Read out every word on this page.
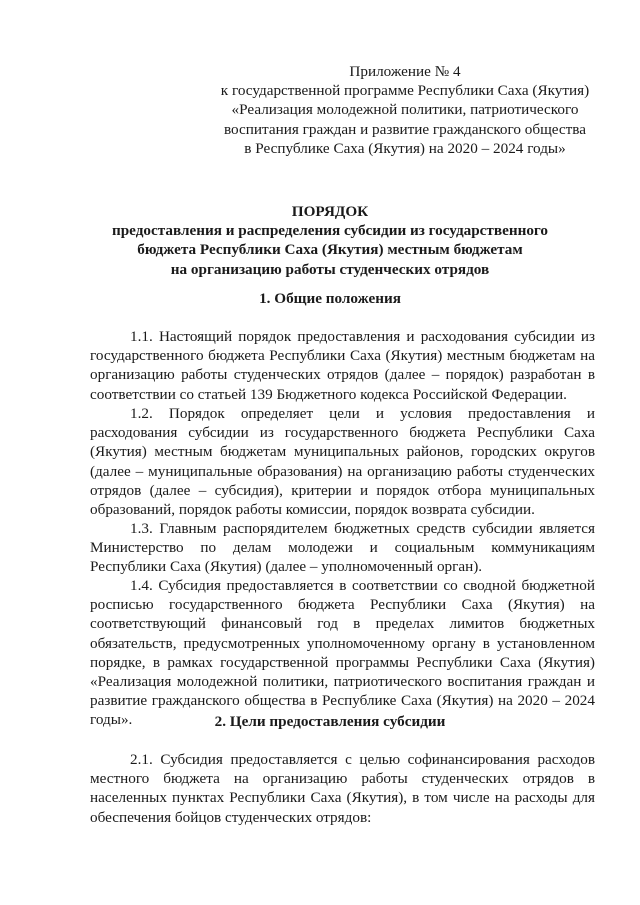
Приложение № 4
к государственной программе Республики Саха (Якутия)
«Реализация молодежной политики, патриотического
воспитания граждан и развитие гражданского общества
в Республике Саха (Якутия) на 2020 – 2024 годы»
ПОРЯДОК
предоставления и распределения субсидии из государственного
бюджета Республики Саха (Якутия) местным бюджетам
на организацию работы студенческих отрядов
1. Общие положения

1.1. Настоящий порядок предоставления и расходования субсидии из государственного бюджета Республики Саха (Якутия) местным бюджетам на организацию работы студенческих отрядов (далее – порядок) разработан в соответствии со статьей 139 Бюджетного кодекса Российской Федерации.

1.2. Порядок определяет цели и условия предоставления и расходования субсидии из государственного бюджета Республики Саха (Якутия) местным бюджетам муниципальных районов, городских округов (далее – муниципальные образования) на организацию работы студенческих отрядов (далее – субсидия), критерии и порядок отбора муниципальных образований, порядок работы комиссии, порядок возврата субсидии.

1.3. Главным распорядителем бюджетных средств субсидии является Министерство по делам молодежи и социальным коммуникациям Республики Саха (Якутия) (далее – уполномоченный орган).

1.4. Субсидия предоставляется в соответствии со сводной бюджетной росписью государственного бюджета Республики Саха (Якутия) на соответствующий финансовый год в пределах лимитов бюджетных обязательств, предусмотренных уполномоченному органу в установленном порядке, в рамках государственной программы Республики Саха (Якутия) «Реализация молодежной политики, патриотического воспитания граждан и развитие гражданского общества в Республике Саха (Якутия) на 2020 – 2024 годы».	2. Цели предоставления субсидии

2.1. Субсидия предоставляется с целью софинансирования расходов местного бюджета на организацию работы студенческих отрядов в населенных пунктах Республики Саха (Якутия), в том числе на расходы для обеспечения бойцов студенческих отрядов:
